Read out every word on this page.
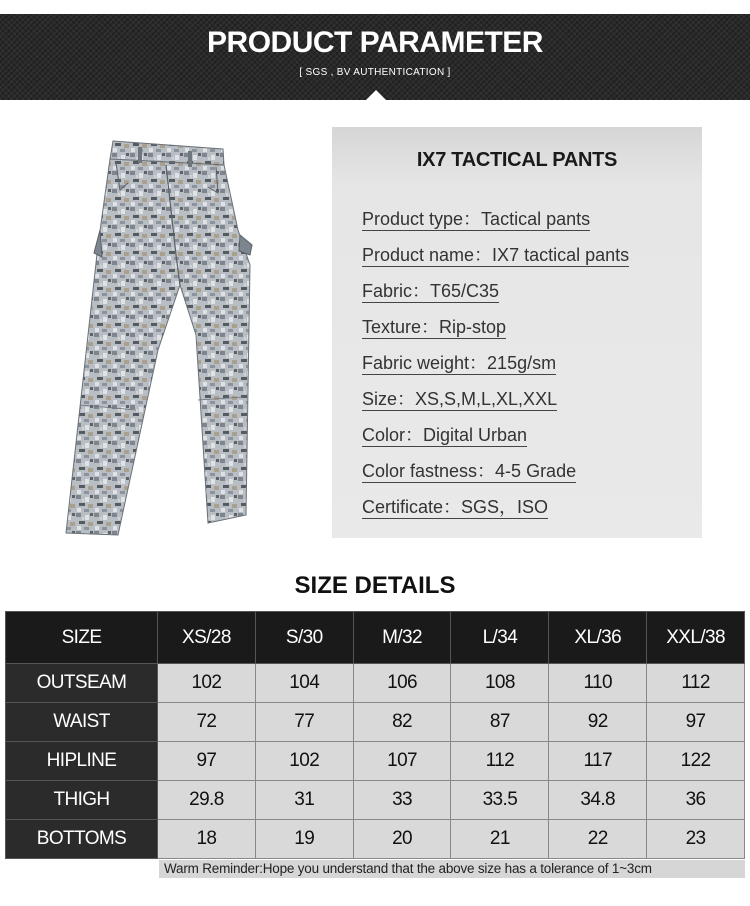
PRODUCT PARAMETER
[ SGS , BV AUTHENTICATION ]
IX7 TACTICAL PANTS
Product type：Tactical pants
Product name：IX7 tactical pants
Fabric：T65/C35
Texture：Rip-stop
Fabric weight：215g/sm
Size：XS,S,M,L,XL,XXL
Color：Digital Urban
Color fastness：4-5 Grade
Certificate：SGS，ISO
SIZE DETAILS
SIZE	XS/28	S/30	M/32	L/34	XL/36	XXL/38
OUTSEAM	102	104	106	108	110	112
WAIST	72	77	82	87	92	97
HIPLINE	97	102	107	112	117	122
THIGH	29.8	31	33	33.5	34.8	36
BOTTOMS	18	19	20	21	22	23
Warm Reminder:Hope you understand that the above size has a tolerance of 1~3cm
